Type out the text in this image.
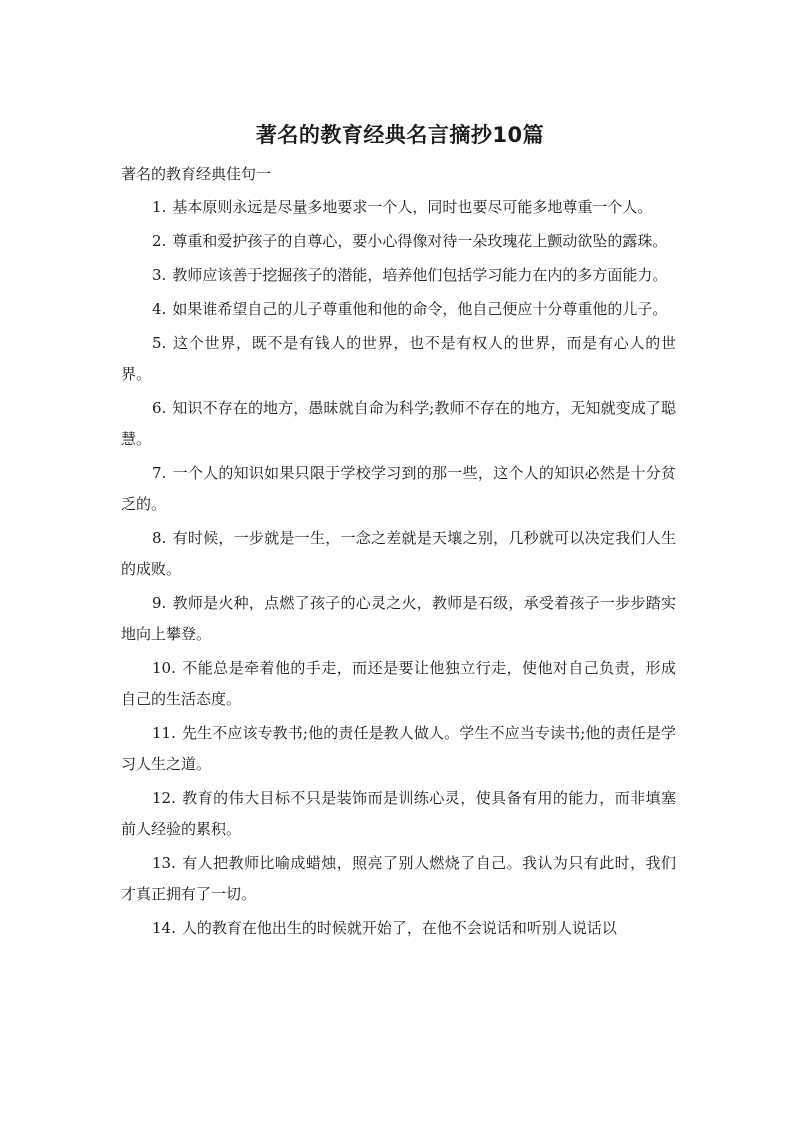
著名的教育经典名言摘抄10篇
著名的教育经典佳句一
1. 基本原则永远是尽量多地要求一个人，同时也要尽可能多地尊重一个人。
2. 尊重和爱护孩子的自尊心，要小心得像对待一朵玫瑰花上颤动欲坠的露珠。
3. 教师应该善于挖掘孩子的潜能，培养他们包括学习能力在内的多方面能力。
4. 如果谁希望自己的儿子尊重他和他的命令，他自己便应十分尊重他的儿子。
5. 这个世界，既不是有钱人的世界，也不是有权人的世界，而是有心人的世界。
6. 知识不存在的地方，愚昧就自命为科学;教师不存在的地方，无知就变成了聪慧。
7. 一个人的知识如果只限于学校学习到的那一些，这个人的知识必然是十分贫乏的。
8. 有时候，一步就是一生，一念之差就是天壤之别，几秒就可以决定我们人生的成败。
9. 教师是火种，点燃了孩子的心灵之火，教师是石级，承受着孩子一步步踏实地向上攀登。
10. 不能总是牵着他的手走，而还是要让他独立行走，使他对自己负责，形成自己的生活态度。
11. 先生不应该专教书;他的责任是教人做人。学生不应当专读书;他的责任是学习人生之道。
12. 教育的伟大目标不只是装饰而是训练心灵，使具备有用的能力，而非填塞前人经验的累积。
13. 有人把教师比喻成蜡烛，照亮了别人燃烧了自己。我认为只有此时，我们才真正拥有了一切。
14. 人的教育在他出生的时候就开始了，在他不会说话和听别人说话以
